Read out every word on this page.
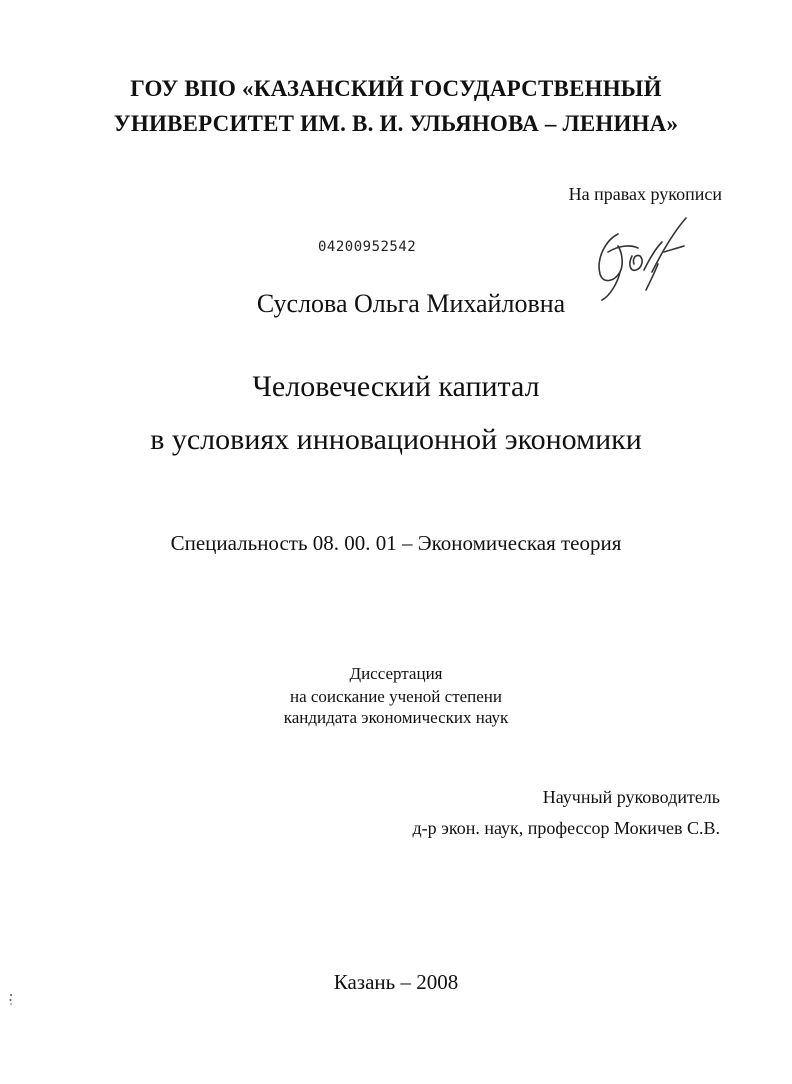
ГОУ ВПО «КАЗАНСКИЙ ГОСУДАРСТВЕННЫЙ
УНИВЕРСИТЕТ ИМ. В. И. УЛЬЯНОВА – ЛЕНИНА»
На правах рукописи
04200952542
Суслова Ольга Михайловна
Человеческий капитал
в условиях инновационной экономики
Специальность 08. 00. 01 – Экономическая теория
Диссертация
на соискание ученой степени
кандидата экономических наук
Научный руководитель
д-р экон. наук, профессор Мокичев С.В.
Казань – 2008
